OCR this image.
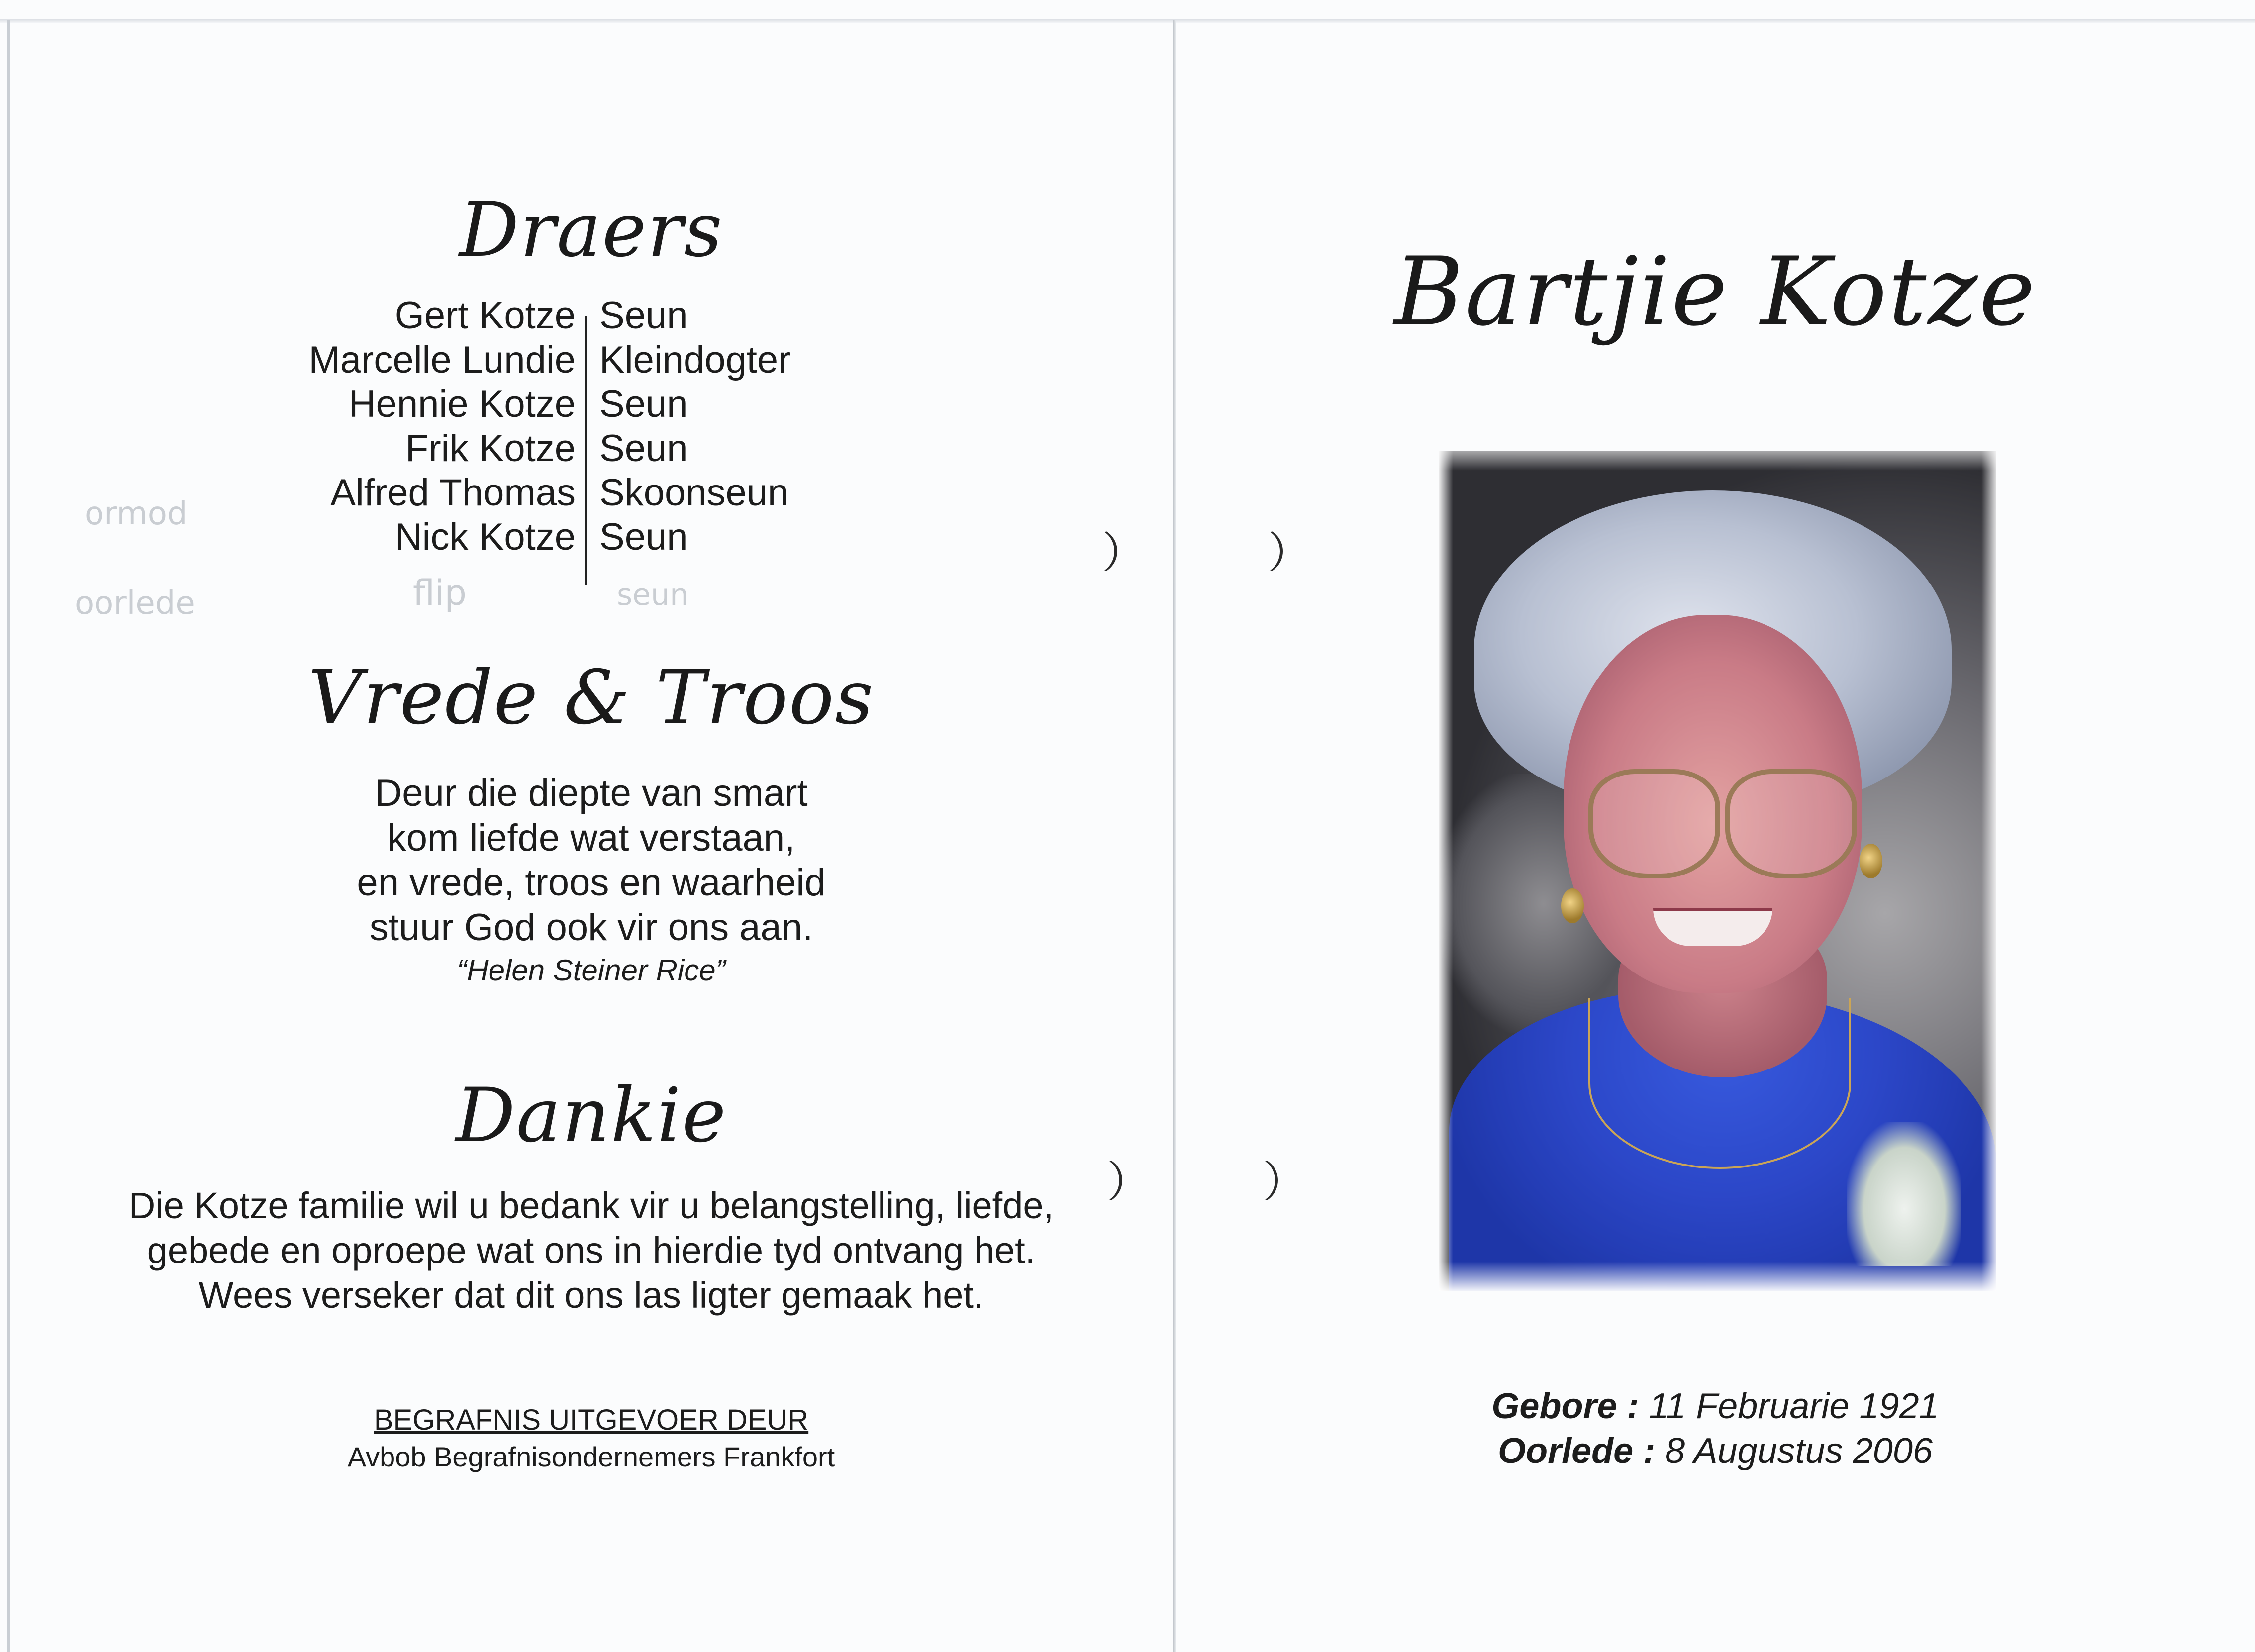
Draers
Gert Kotze Seun
Marcelle Lundie Kleindogter
Hennie Kotze Seun
Frik Kotze Seun
Alfred Thomas Skoonseun
Nick Kotze Seun
ormod
oorlede	flip	seun
Vrede & Troos
Deur die diepte van smart
kom liefde wat verstaan,
en vrede, troos en waarheid
stuur God ook vir ons aan.
“Helen Steiner Rice”
Dankie
Die Kotze familie wil u bedank vir u belangstelling, liefde,
gebede en oproepe wat ons in hierdie tyd ontvang het.
Wees verseker dat dit ons las ligter gemaak het.
BEGRAFNIS UITGEVOER DEUR
Avbob Begrafnisondernemers Frankfort
Bartjie Kotze
Gebore : 11 Februarie 1921
Oorlede : 8 Augustus 2006
